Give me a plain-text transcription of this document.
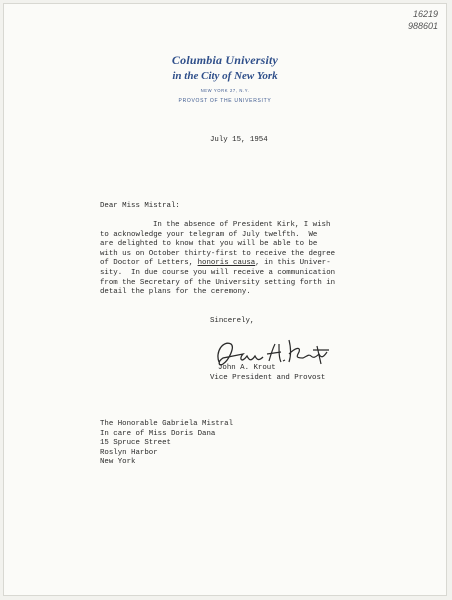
16219
988601
Columbia University
in the City of New York
NEW YORK 27, N.Y.
PROVOST OF THE UNIVERSITY
July 15, 1954
Dear Miss Mistral:
In the absence of President Kirk, I wish
to acknowledge your telegram of July twelfth.  We
are delighted to know that you will be able to be
with us on October thirty-first to receive the degree
of Doctor of Letters, honoris causa, in this Univer-
sity.  In due course you will receive a communication
from the Secretary of the University setting forth in
detail the plans for the ceremony.
Sincerely,
John A. Krout
Vice President and Provost
The Honorable Gabriela Mistral
In care of Miss Doris Dana
15 Spruce Street
Roslyn Harbor
New York
